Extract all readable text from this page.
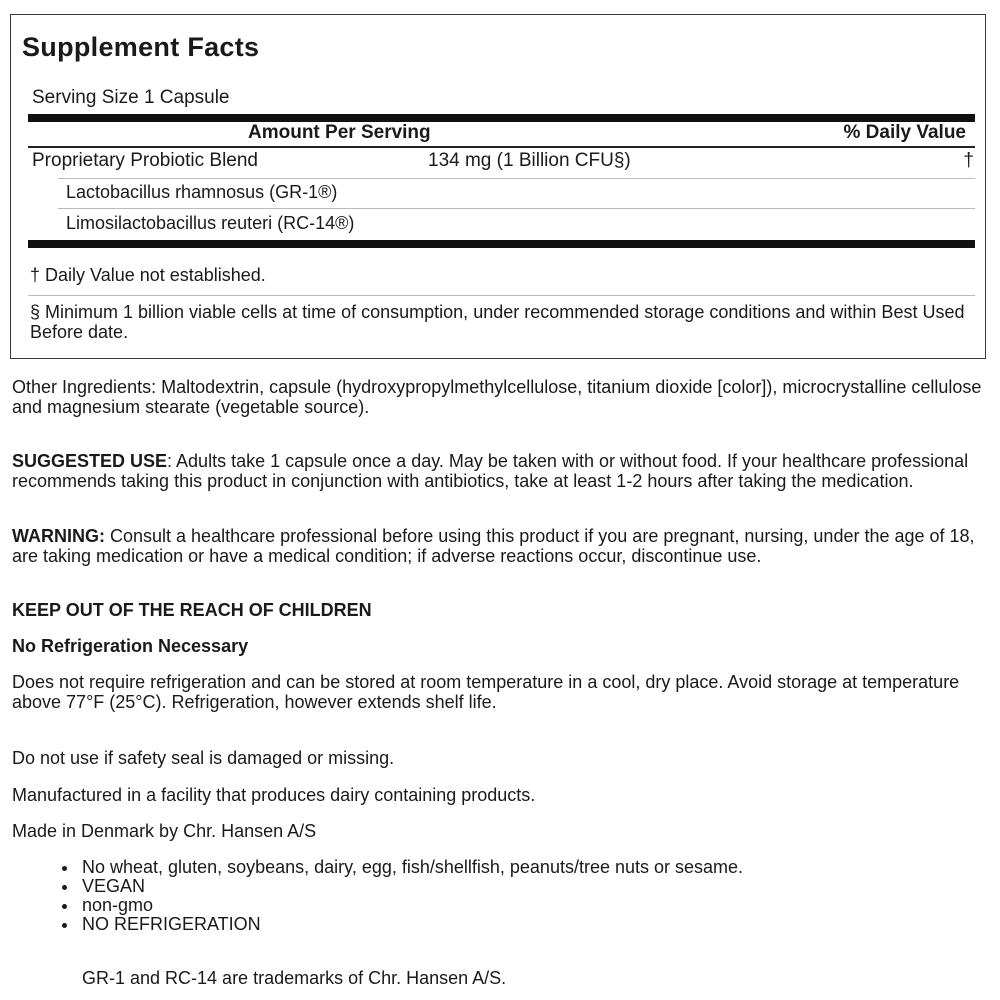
Supplement Facts
Serving Size 1 Capsule
Amount Per Serving	% Daily Value
Proprietary Probiotic Blend	134 mg (1 Billion CFU§)	†
Lactobacillus rhamnosus (GR-1®)
Limosilactobacillus reuteri (RC-14®)
† Daily Value not established.
§ Minimum 1 billion viable cells at time of consumption, under recommended storage conditions and within Best Used Before date.

Other Ingredients: Maltodextrin, capsule (hydroxypropylmethylcellulose, titanium dioxide [color]), microcrystalline cellulose and magnesium stearate (vegetable source).

SUGGESTED USE: Adults take 1 capsule once a day. May be taken with or without food. If your healthcare professional recommends taking this product in conjunction with antibiotics, take at least 1-2 hours after taking the medication.

WARNING: Consult a healthcare professional before using this product if you are pregnant, nursing, under the age of 18, are taking medication or have a medical condition; if adverse reactions occur, discontinue use.

KEEP OUT OF THE REACH OF CHILDREN

No Refrigeration Necessary

Does not require refrigeration and can be stored at room temperature in a cool, dry place. Avoid storage at temperature above 77°F (25°C). Refrigeration, however extends shelf life.

Do not use if safety seal is damaged or missing.

Manufactured in a facility that produces dairy containing products.

Made in Denmark by Chr. Hansen A/S

No wheat, gluten, soybeans, dairy, egg, fish/shellfish, peanuts/tree nuts or sesame.
VEGAN
non-gmo
NO REFRIGERATION
GR-1 and RC-14 are trademarks of Chr. Hansen A/S.
